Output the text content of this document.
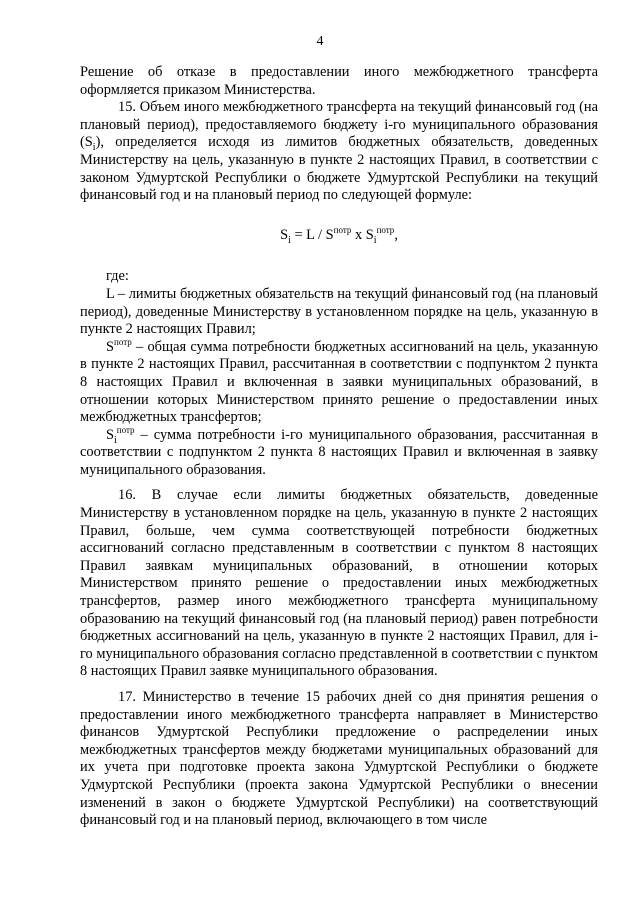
4

Решение об отказе в предоставлении иного межбюджетного трансферта оформляется приказом Министерства.

15. Объем иного межбюджетного трансферта на текущий финансовый год (на плановый период), предоставляемого бюджету i-го муниципального образования $(S_i)$, определяется исходя из лимитов бюджетных обязательств, доведенных Министерству на цель, указанную в пункте 2 настоящих Правил, в соответствии с законом Удмуртской Республики о бюджете Удмуртской Республики на текущий финансовый год и на плановый период по следующей формуле:

$S_i = L / S^{потр}$ x $S_i^{потр}$,

где:

L – лимиты бюджетных обязательств на текущий финансовый год (на плановый период), доведенные Министерству в установленном порядке на цель, указанную в пункте 2 настоящих Правил;

$S^{потр}$ – общая сумма потребности бюджетных ассигнований на цель, указанную в пункте 2 настоящих Правил, рассчитанная в соответствии с подпунктом 2 пункта 8 настоящих Правил и включенная в заявки муниципальных образований, в отношении которых Министерством принято решение о предоставлении иных межбюджетных трансфертов;

$S_i^{потр}$ – сумма потребности i-го муниципального образования, рассчитанная в соответствии с подпунктом 2 пункта 8 настоящих Правил и включенная в заявку муниципального образования.

16. В случае если лимиты бюджетных обязательств, доведенные Министерству в установленном порядке на цель, указанную в пункте 2 настоящих Правил, больше, чем сумма соответствующей потребности бюджетных ассигнований согласно представленным в соответствии с пунктом 8 настоящих Правил заявкам муниципальных образований, в отношении которых Министерством принято решение о предоставлении иных межбюджетных трансфертов, размер иного межбюджетного трансферта муниципальному образованию на текущий финансовый год (на плановый период) равен потребности бюджетных ассигнований на цель, указанную в пункте 2 настоящих Правил, для i-го муниципального образования согласно представленной в соответствии с пунктом 8 настоящих Правил заявке муниципального образования.

17. Министерство в течение 15 рабочих дней со дня принятия решения о предоставлении иного межбюджетного трансферта направляет в Министерство финансов Удмуртской Республики предложение о распределении иных межбюджетных трансфертов между бюджетами муниципальных образований для их учета при подготовке проекта закона Удмуртской Республики о бюджете Удмуртской Республики (проекта закона Удмуртской Республики о внесении изменений в закон о бюджете Удмуртской Республики) на соответствующий финансовый год и на плановый период, включающего в том числе
